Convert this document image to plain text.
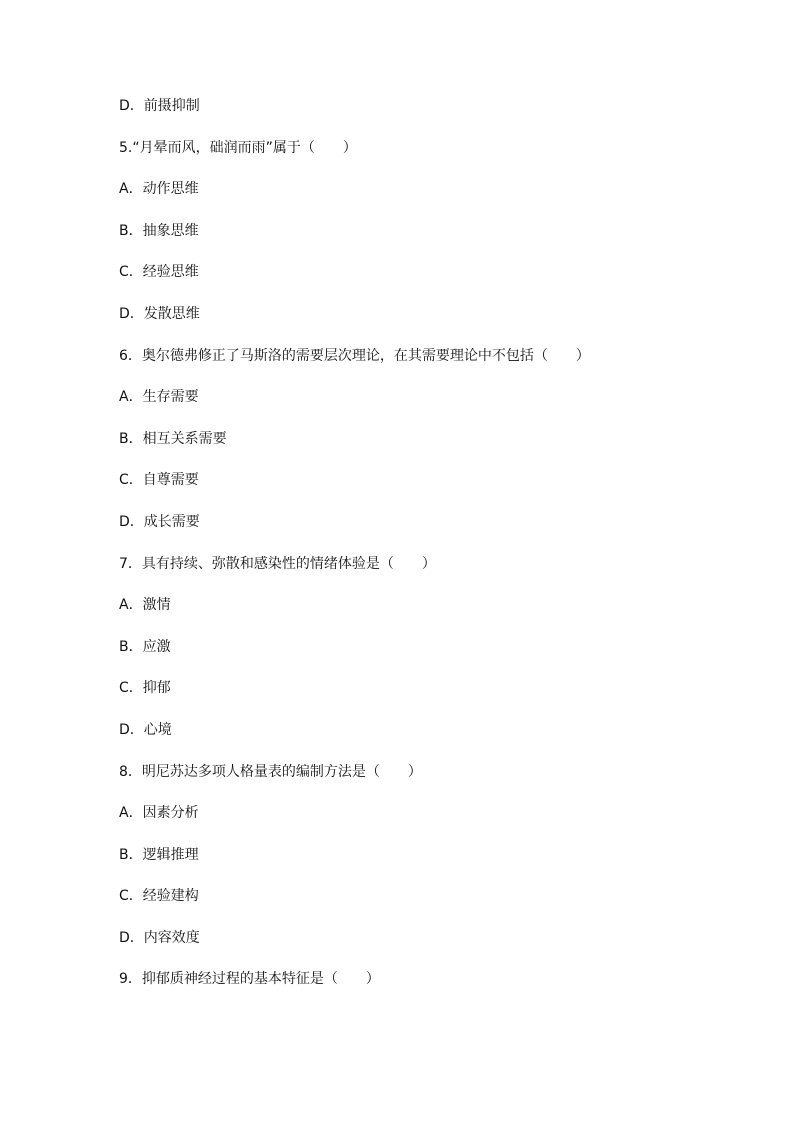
D．前摄抑制
5.“月晕而风，础润而雨”属于（　　）
A．动作思维
B．抽象思维
C．经验思维
D．发散思维
6．奥尔德弗修正了马斯洛的需要层次理论，在其需要理论中不包括（　　）
A．生存需要
B．相互关系需要
C．自尊需要
D．成长需要
7．具有持续、弥散和感染性的情绪体验是（　　）
A．激情
B．应激
C．抑郁
D．心境
8．明尼苏达多项人格量表的编制方法是（　　）
A．因素分析
B．逻辑推理
C．经验建构
D．内容效度
9．抑郁质神经过程的基本特征是（　　）
